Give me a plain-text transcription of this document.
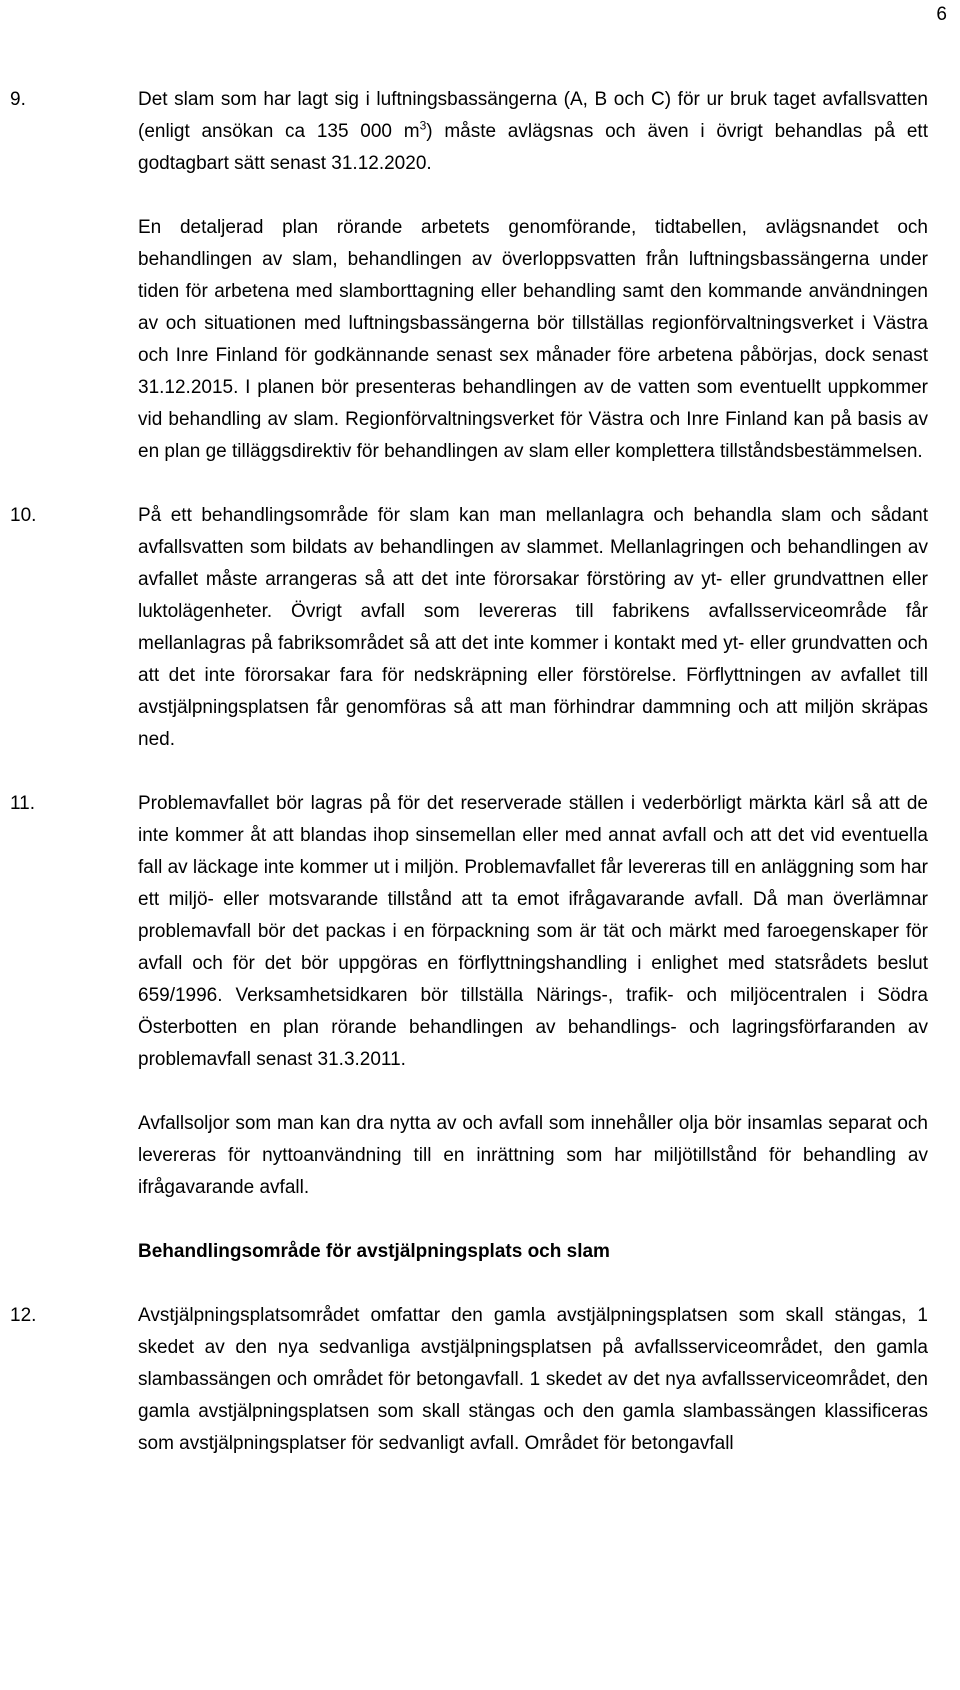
6
9.	Det slam som har lagt sig i luftningsbassängerna (A, B och C) för ur bruk taget avfallsvatten (enligt ansökan ca 135 000 $m^3$) måste avlägsnas och även i övrigt behandlas på ett godtagbart sätt senast 31.12.2020.

En detaljerad plan rörande arbetets genomförande, tidtabellen, avlägsnandet och behandlingen av slam, behandlingen av överloppsvatten från luftningsbassängerna under tiden för arbetena med slamborttagning eller behandling samt den kommande användningen av och situationen med luftningsbassängerna bör tillställas regionförvaltningsverket i Västra och Inre Finland för godkännande senast sex månader före arbetena påbörjas, dock senast 31.12.2015. I planen bör presenteras behandlingen av de vatten som eventuellt uppkommer vid behandling av slam. Regionförvaltningsverket för Västra och Inre Finland kan på basis av en plan ge tilläggsdirektiv för behandlingen av slam eller komplettera tillståndsbestämmelsen.

10.	På ett behandlingsområde för slam kan man mellanlagra och behandla slam och sådant avfallsvatten som bildats av behandlingen av slammet. Mellanlagringen och behandlingen av avfallet måste arrangeras så att det inte förorsakar förstöring av yt- eller grundvattnen eller luktolägenheter. Övrigt avfall som levereras till fabrikens avfallsserviceområde får mellanlagras på fabriksområdet så att det inte kommer i kontakt med yt- eller grundvatten och att det inte förorsakar fara för nedskräpning eller förstörelse. Förflyttningen av avfallet till avstjälpningsplatsen får genomföras så att man förhindrar dammning och att miljön skräpas ned.

11.	Problemavfallet bör lagras på för det reserverade ställen i vederbörligt märkta kärl så att de inte kommer åt att blandas ihop sinsemellan eller med annat avfall och att det vid eventuella fall av läckage inte kommer ut i miljön. Problemavfallet får levereras till en anläggning som har ett miljö- eller motsvarande tillstånd att ta emot ifrågavarande avfall. Då man överlämnar problemavfall bör det packas i en förpackning som är tät och märkt med faroegenskaper för avfall och för det bör uppgöras en förflyttningshandling i enlighet med statsrådets beslut 659/1996. Verksamhetsidkaren bör tillställa Närings-, trafik- och miljöcentralen i Södra Österbotten en plan rörande behandlingen av behandlings- och lagringsförfaranden av problemavfall senast 31.3.2011.

Avfallsoljor som man kan dra nytta av och avfall som innehåller olja bör insamlas separat och levereras för nyttoanvändning till en inrättning som har miljötillstånd för behandling av ifrågavarande avfall.

Behandlingsområde för avstjälpningsplats och slam

12.	Avstjälpningsplatsområdet omfattar den gamla avstjälpningsplatsen som skall stängas, 1 skedet av den nya sedvanliga avstjälpningsplatsen på avfallsserviceområdet, den gamla slambassängen och området för betongavfall. 1 skedet av det nya avfallsserviceområdet, den gamla avstjälpningsplatsen som skall stängas och den gamla slambassängen klassificeras som avstjälpningsplatser för sedvanligt avfall. Området för betongavfall
